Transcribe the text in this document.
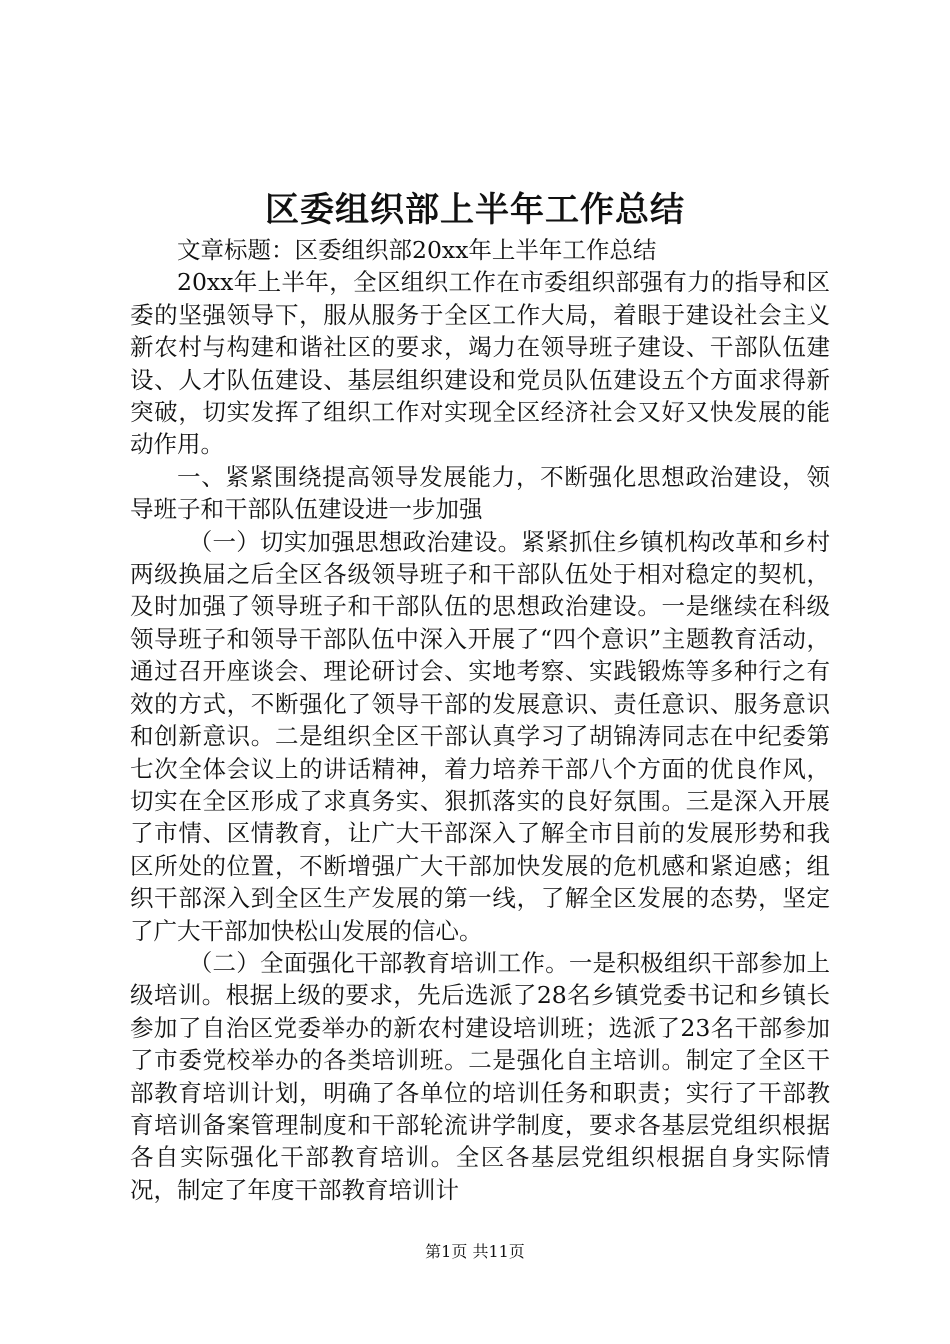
区委组织部上半年工作总结

文章标题：区委组织部20xx年上半年工作总结

20xx年上半年，全区组织工作在市委组织部强有力的指导和区委的坚强领导下，服从服务于全区工作大局，着眼于建设社会主义新农村与构建和谐社区的要求，竭力在领导班子建设、干部队伍建设、人才队伍建设、基层组织建设和党员队伍建设五个方面求得新突破，切实发挥了组织工作对实现全区经济社会又好又快发展的能动作用。

一、紧紧围绕提高领导发展能力，不断强化思想政治建设，领导班子和干部队伍建设进一步加强

（一）切实加强思想政治建设。紧紧抓住乡镇机构改革和乡村两级换届之后全区各级领导班子和干部队伍处于相对稳定的契机，及时加强了领导班子和干部队伍的思想政治建设。一是继续在科级领导班子和领导干部队伍中深入开展了“四个意识”主题教育活动，通过召开座谈会、理论研讨会、实地考察、实践锻炼等多种行之有效的方式，不断强化了领导干部的发展意识、责任意识、服务意识和创新意识。二是组织全区干部认真学习了胡锦涛同志在中纪委第七次全体会议上的讲话精神，着力培养干部八个方面的优良作风，切实在全区形成了求真务实、狠抓落实的良好氛围。三是深入开展了市情、区情教育，让广大干部深入了解全市目前的发展形势和我区所处的位置，不断增强广大干部加快发展的危机感和紧迫感；组织干部深入到全区生产发展的第一线，了解全区发展的态势，坚定了广大干部加快松山发展的信心。

（二）全面强化干部教育培训工作。一是积极组织干部参加上级培训。根据上级的要求，先后选派了28名乡镇党委书记和乡镇长参加了自治区党委举办的新农村建设培训班；选派了23名干部参加了市委党校举办的各类培训班。二是强化自主培训。制定了全区干部教育培训计划，明确了各单位的培训任务和职责；实行了干部教育培训备案管理制度和干部轮流讲学制度，要求各基层党组织根据各自实际强化干部教育培训。全区各基层党组织根据自身实际情况，制定了年度干部教育培训计

第1页 共11页
